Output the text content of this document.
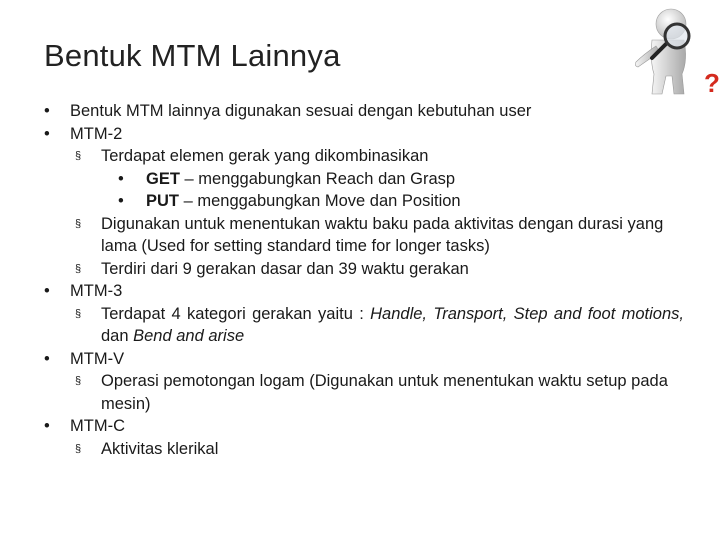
Bentuk MTM Lainnya
?
• Bentuk MTM lainnya digunakan sesuai dengan kebutuhan user
• MTM-2
§ Terdapat elemen gerak yang dikombinasikan
• GET – menggabungkan Reach dan Grasp
• PUT – menggabungkan Move dan Position
§ Digunakan untuk menentukan waktu baku pada aktivitas dengan durasi yang lama (Used for setting standard time for longer tasks)
§ Terdiri dari 9 gerakan dasar dan 39 waktu gerakan
• MTM-3
§ Terdapat 4 kategori gerakan yaitu : Handle, Transport, Step and foot motions, dan Bend and arise
• MTM-V
§ Operasi pemotongan logam (Digunakan untuk menentukan waktu setup pada mesin)
• MTM-C
§ Aktivitas klerikal
